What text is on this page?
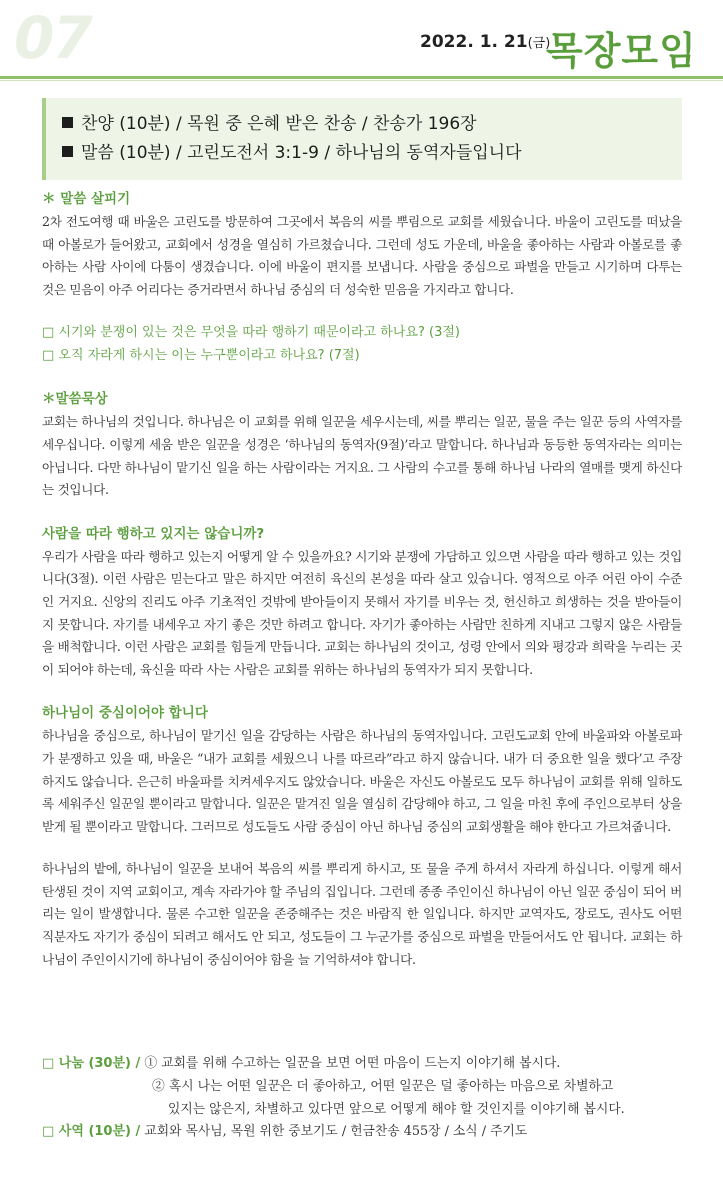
07	2022. 1. 21(금)
목장모임
찬양 (10분) / 목원 중 은혜 받은 찬송 / 찬송가 196장
말씀 (10분) / 고린도전서 3:1-9 / 하나님의 동역자들입니다
＊ 말씀 살피기
2차 전도여행 때 바울은 고린도를 방문하여 그곳에서 복음의 씨를 뿌림으로 교회를 세웠습니다. 바울이 고린도를 떠났을 때 아볼로가 들어왔고, 교회에서 성경을 열심히 가르쳤습니다. 그런데 성도 가운데, 바울을 좋아하는 사람과 아볼로를 좋아하는 사람 사이에 다툼이 생겼습니다. 이에 바울이 편지를 보냅니다. 사람을 중심으로 파벌을 만들고 시기하며 다투는 것은 믿음이 아주 어리다는 증거라면서 하나님 중심의 더 성숙한 믿음을 가지라고 합니다.
□ 시기와 분쟁이 있는 것은 무엇을 따라 행하기 때문이라고 하나요? (3절)
□ 오직 자라게 하시는 이는 누구뿐이라고 하나요? (7절)
＊말씀묵상
교회는 하나님의 것입니다. 하나님은 이 교회를 위해 일꾼을 세우시는데, 씨를 뿌리는 일꾼, 물을 주는 일꾼 등의 사역자를 세우십니다. 이렇게 세움 받은 일꾼을 성경은 ‘하나님의 동역자(9절)’라고 말합니다. 하나님과 동등한 동역자라는 의미는 아닙니다. 다만 하나님이 맡기신 일을 하는 사람이라는 거지요. 그 사람의 수고를 통해 하나님 나라의 열매를 맺게 하신다는 것입니다.
사람을 따라 행하고 있지는 않습니까?
우리가 사람을 따라 행하고 있는지 어떻게 알 수 있을까요? 시기와 분쟁에 가담하고 있으면 사람을 따라 행하고 있는 것입니다(3절). 이런 사람은 믿는다고 말은 하지만 여전히 육신의 본성을 따라 살고 있습니다. 영적으로 아주 어린 아이 수준인 거지요. 신앙의 진리도 아주 기초적인 것밖에 받아들이지 못해서 자기를 비우는 것, 헌신하고 희생하는 것을 받아들이지 못합니다. 자기를 내세우고 자기 좋은 것만 하려고 합니다. 자기가 좋아하는 사람만 친하게 지내고 그렇지 않은 사람들을 배척합니다. 이런 사람은 교회를 힘들게 만듭니다. 교회는 하나님의 것이고, 성령 안에서 의와 평강과 희락을 누리는 곳이 되어야 하는데, 육신을 따라 사는 사람은 교회를 위하는 하나님의 동역자가 되지 못합니다.
하나님이 중심이어야 합니다
하나님을 중심으로, 하나님이 맡기신 일을 감당하는 사람은 하나님의 동역자입니다. 고린도교회 안에 바울파와 아볼로파가 분쟁하고 있을 때, 바울은 “내가 교회를 세웠으니 나를 따르라”라고 하지 않습니다. 내가 더 중요한 일을 했다’고 주장하지도 않습니다. 은근히 바울파를 치켜세우지도 않았습니다. 바울은 자신도 아볼로도 모두 하나님이 교회를 위해 일하도록 세워주신 일꾼일 뿐이라고 말합니다. 일꾼은 맡겨진 일을 열심히 감당해야 하고, 그 일을 마친 후에 주인으로부터 상을 받게 될 뿐이라고 말합니다. 그러므로 성도들도 사람 중심이 아닌 하나님 중심의 교회생활을 해야 한다고 가르쳐줍니다.
하나님의 밭에, 하나님이 일꾼을 보내어 복음의 씨를 뿌리게 하시고, 또 물을 주게 하셔서 자라게 하십니다. 이렇게 해서 탄생된 것이 지역 교회이고, 계속 자라가야 할 주님의 집입니다. 그런데 종종 주인이신 하나님이 아닌 일꾼 중심이 되어 버리는 일이 발생합니다. 물론 수고한 일꾼을 존중해주는 것은 바람직 한 일입니다. 하지만 교역자도, 장로도, 권사도 어떤 직분자도 자기가 중심이 되려고 해서도 안 되고, 성도들이 그 누군가를 중심으로 파벌을 만들어서도 안 됩니다. 교회는 하나님이 주인이시기에 하나님이 중심이어야 함을 늘 기억하셔야 합니다.
□ 나눔 (30분) / ① 교회를 위해 수고하는 일꾼을 보면 어떤 마음이 드는지 이야기해 봅시다.
② 혹시 나는 어떤 일꾼은 더 좋아하고, 어떤 일꾼은 덜 좋아하는 마음으로 차별하고
있지는 않은지, 차별하고 있다면 앞으로 어떻게 해야 할 것인지를 이야기해 봅시다.
□ 사역 (10분) / 교회와 목사님, 목원 위한 중보기도 / 헌금찬송 455장 / 소식 / 주기도
